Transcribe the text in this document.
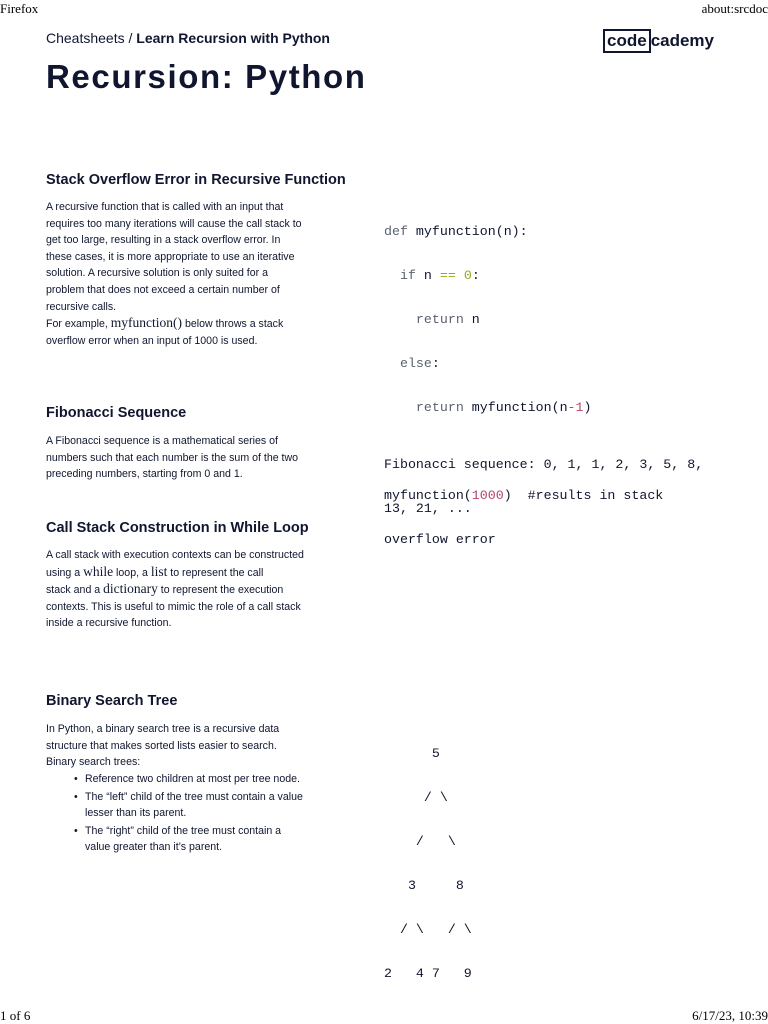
Firefox	about:srcdoc
Cheatsheets / Learn Recursion with Python	code cademy
Recursion: Python
Stack Overflow Error in Recursive Function
A recursive function that is called with an input that
requires too many iterations will cause the call stack to
get too large, resulting in a stack overflow error. In
these cases, it is more appropriate to use an iterative
solution. A recursive solution is only suited for a
problem that does not exceed a certain number of
recursive calls.
For example, myfunction() below throws a stack
overflow error when an input of 1000 is used.

def myfunction(n):

if n == 0:

return n

else:

return myfunction(n-1)

myfunction(1000)  #results in stack

overflow error

Fibonacci Sequence
A Fibonacci sequence is a mathematical series of
numbers such that each number is the sum of the two
preceding numbers, starting from 0 and 1.

Fibonacci sequence: 0, 1, 1, 2, 3, 5, 8,

13, 21, ...

Call Stack Construction in While Loop
A call stack with execution contexts can be constructed
using a while loop, a list to represent the call
stack and a dictionary to represent the execution
contexts. This is useful to mimic the role of a call stack
inside a recursive function.
Binary Search Tree
In Python, a binary search tree is a recursive data
structure that makes sorted lists easier to search.
Binary search trees:
• Reference two children at most per tree node.
• The “left” child of the tree must contain a value
lesser than its parent.
• The “right” child of the tree must contain a
value greater than it’s parent.

5

/ \

/   \

3     8

/ \   / \

2   4 7   9

1 of 6	6/17/23, 10:39
